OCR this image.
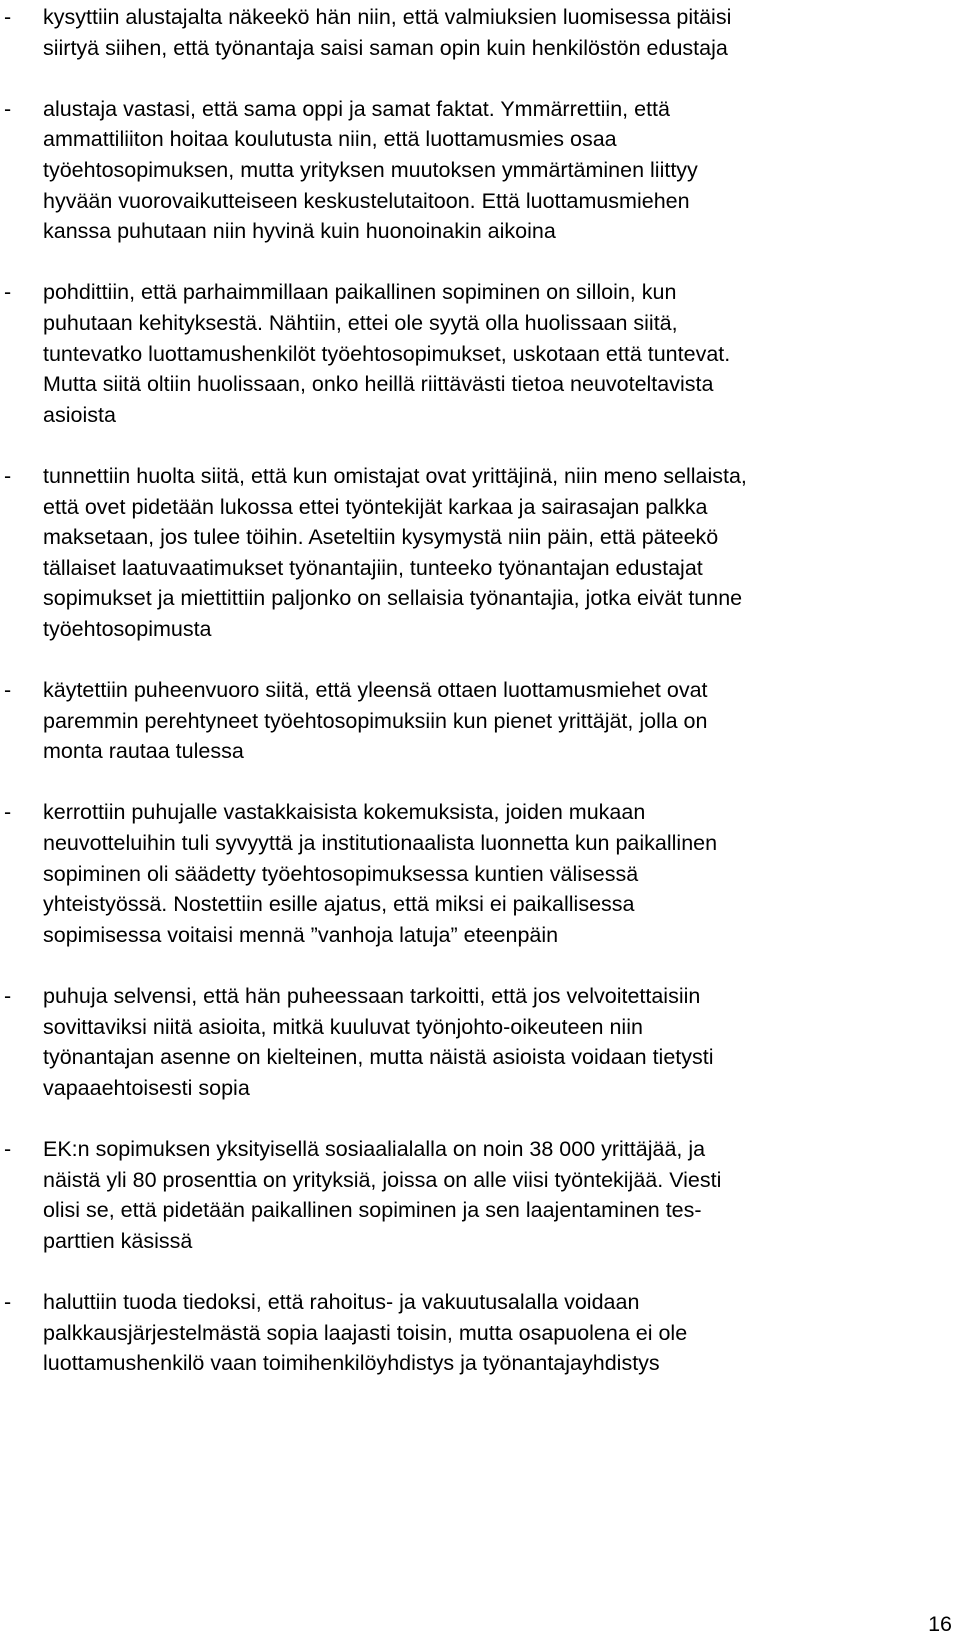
-	kysyttiin alustajalta näkeekö hän niin, että valmiuksien luomisessa pitäisi
siirtyä siihen, että työnantaja saisi saman opin kuin henkilöstön edustaja
-	alustaja vastasi, että sama oppi ja samat faktat. Ymmärrettiin, että
ammattiliiton hoitaa koulutusta niin, että luottamusmies osaa
työehtosopimuksen, mutta yrityksen muutoksen ymmärtäminen liittyy
hyvään vuorovaikutteiseen keskustelutaitoon. Että luottamusmiehen
kanssa puhutaan niin hyvinä kuin huonoinakin aikoina
-	pohdittiin, että parhaimmillaan paikallinen sopiminen on silloin, kun
puhutaan kehityksestä. Nähtiin, ettei ole syytä olla huolissaan siitä,
tuntevatko luottamushenkilöt työehtosopimukset, uskotaan että tuntevat.
Mutta siitä oltiin huolissaan, onko heillä riittävästi tietoa neuvoteltavista
asioista
-	tunnettiin huolta siitä, että kun omistajat ovat yrittäjinä, niin meno sellaista,
että ovet pidetään lukossa ettei työntekijät karkaa ja sairasajan palkka
maksetaan, jos tulee töihin. Aseteltiin kysymystä niin päin, että päteekö
tällaiset laatuvaatimukset työnantajiin, tunteeko työnantajan edustajat
sopimukset ja miettittiin paljonko on sellaisia työnantajia, jotka eivät tunne
työehtosopimusta
-	käytettiin puheenvuoro siitä, että yleensä ottaen luottamusmiehet ovat
paremmin perehtyneet työehtosopimuksiin kun pienet yrittäjät, jolla on
monta rautaa tulessa
-	kerrottiin puhujalle vastakkaisista kokemuksista, joiden mukaan
neuvotteluihin tuli syvyyttä ja institutionaalista luonnetta kun paikallinen
sopiminen oli säädetty työehtosopimuksessa kuntien välisessä
yhteistyössä. Nostettiin esille ajatus, että miksi ei paikallisessa
sopimisessa voitaisi mennä ”vanhoja latuja” eteenpäin
-	puhuja selvensi, että hän puheessaan tarkoitti, että jos velvoitettaisiin
sovittaviksi niitä asioita, mitkä kuuluvat työnjohto-oikeuteen niin
työnantajan asenne on kielteinen, mutta näistä asioista voidaan tietysti
vapaaehtoisesti sopia
-	EK:n sopimuksen yksityisellä sosiaalialalla on noin 38 000 yrittäjää, ja
näistä yli 80 prosenttia on yrityksiä, joissa on alle viisi työntekijää. Viesti
olisi se, että pidetään paikallinen sopiminen ja sen laajentaminen tes-
parttien käsissä
-	haluttiin tuoda tiedoksi, että rahoitus- ja vakuutusalalla voidaan
palkkausjärjestelmästä sopia laajasti toisin, mutta osapuolena ei ole
luottamushenkilö vaan toimihenkilöyhdistys ja työnantajayhdistys
16
